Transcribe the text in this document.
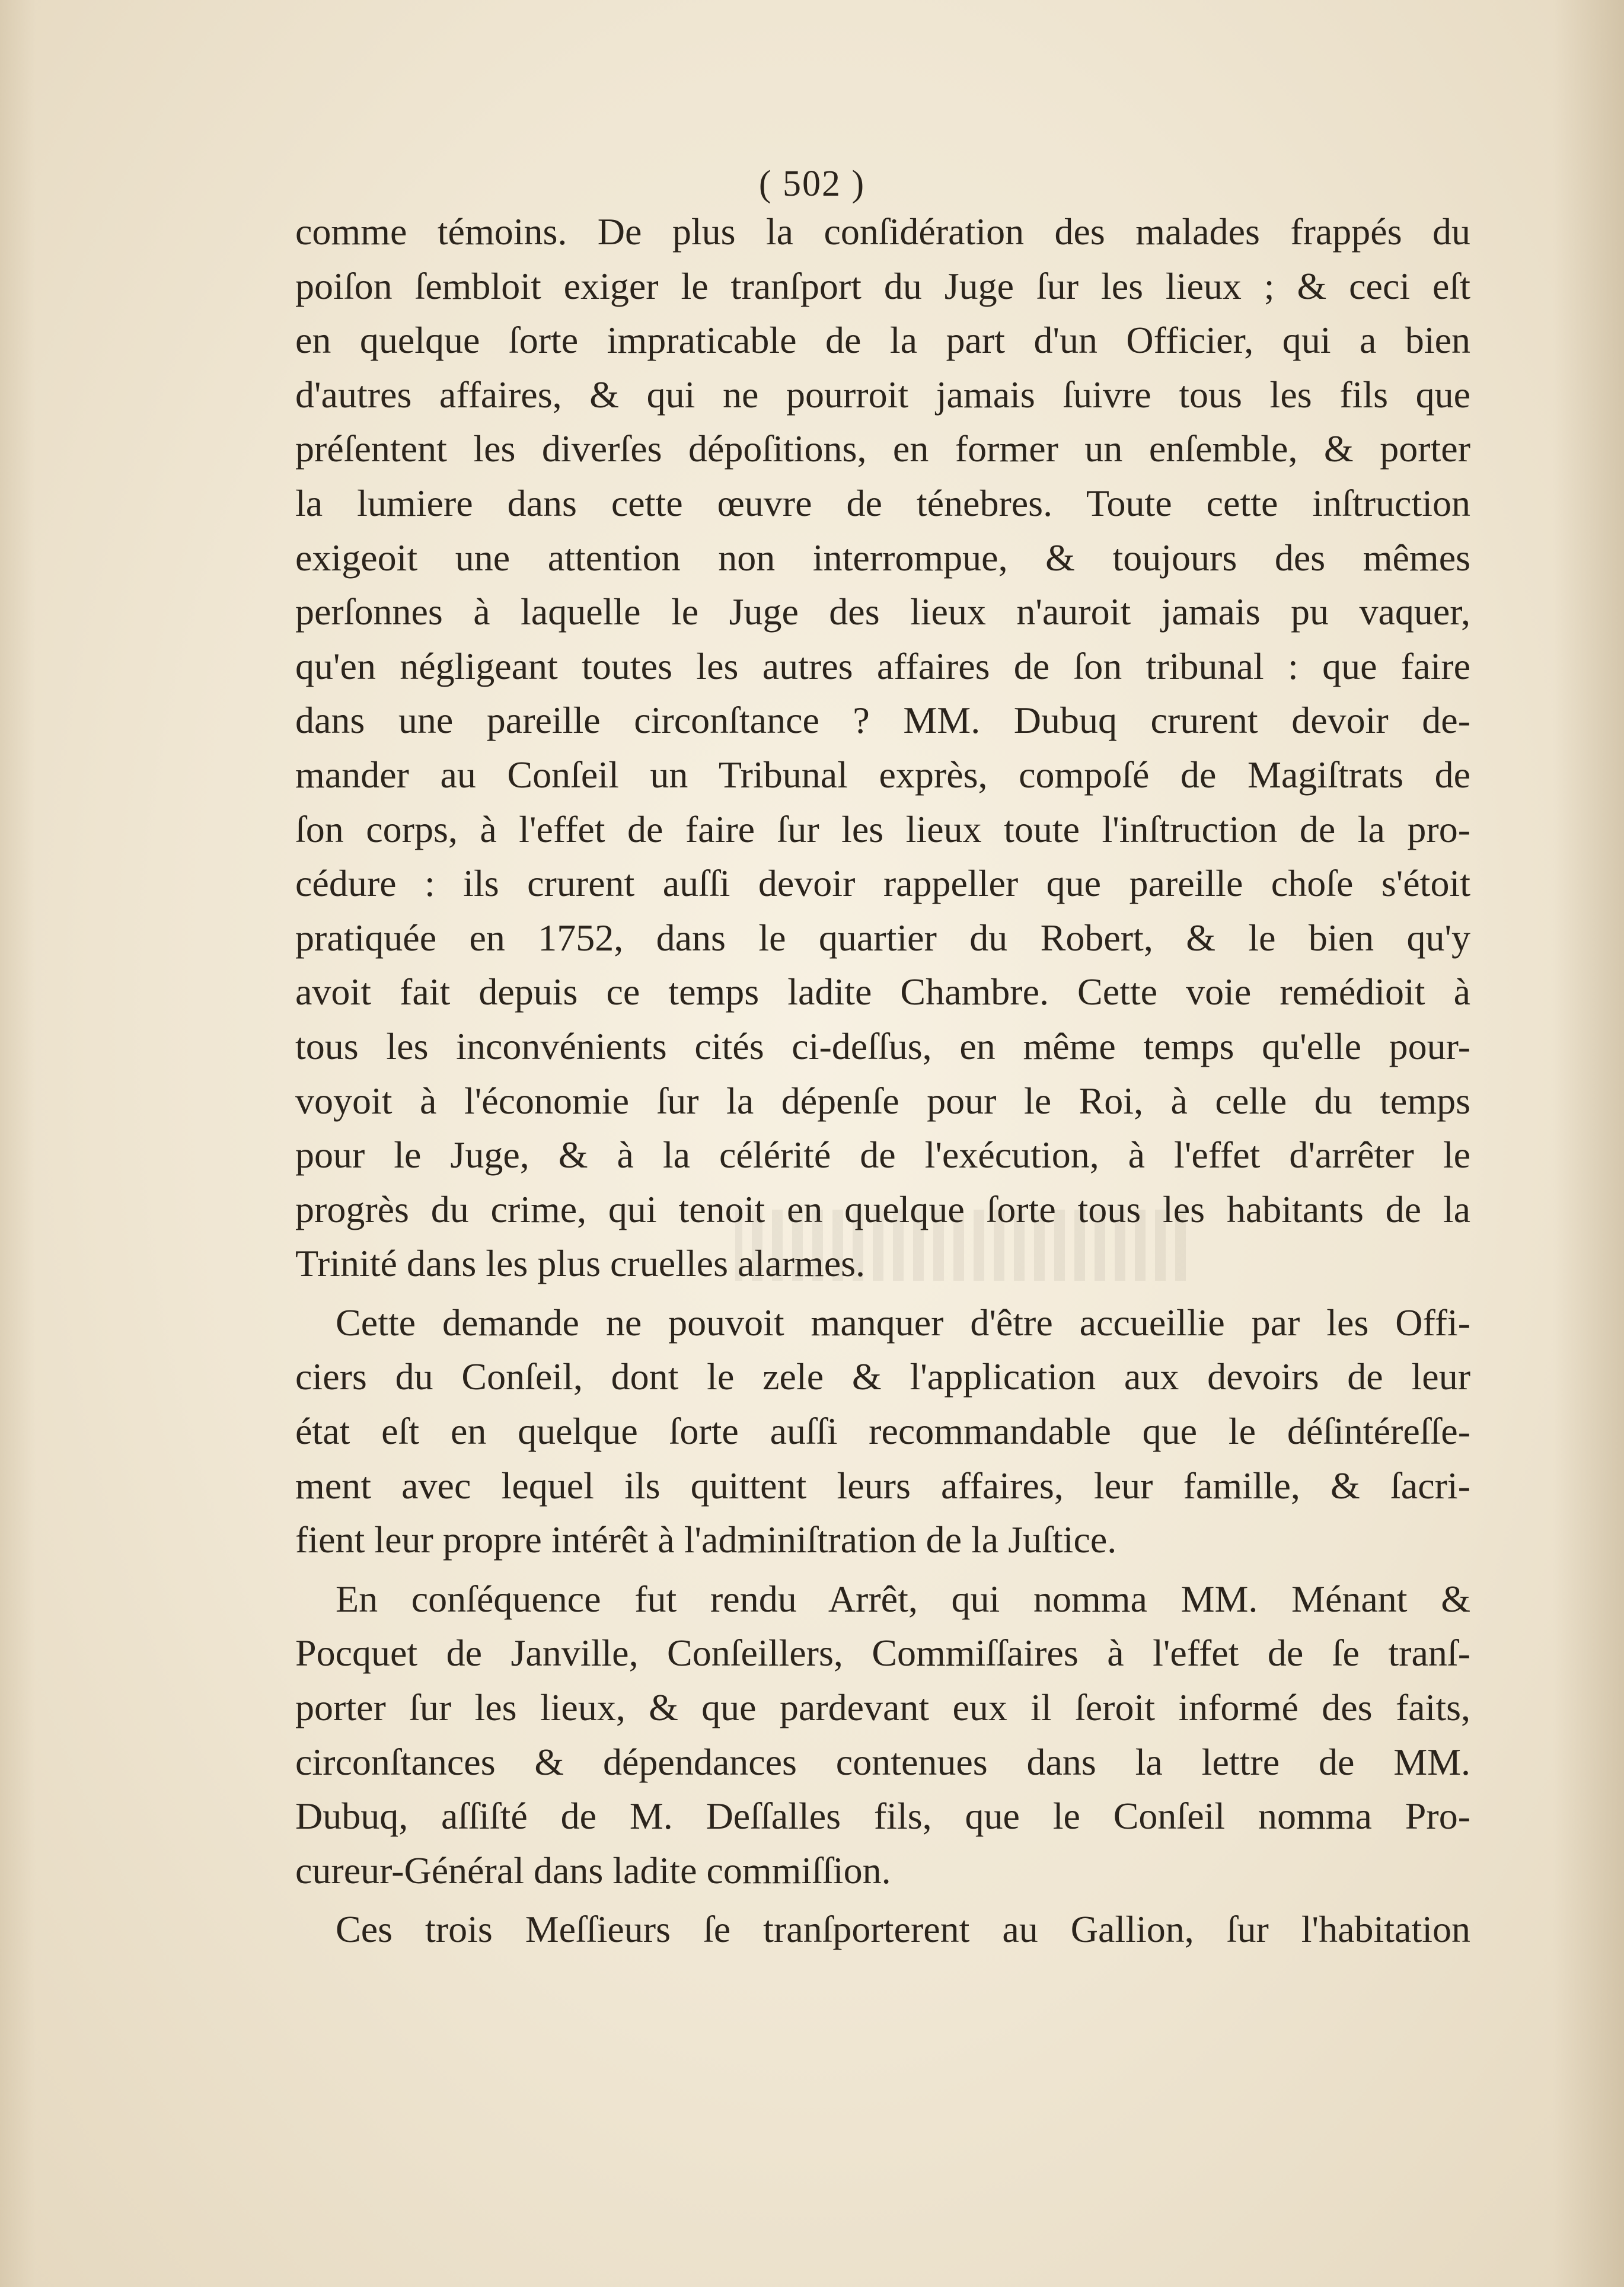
( 502 )
comme témoins. De plus la conſidération des malades frappés du
poiſon ſembloit exiger le tranſport du Juge ſur les lieux ; & ceci eſt
en quelque ſorte impraticable de la part d'un Officier, qui a bien
d'autres affaires, & qui ne pourroit jamais ſuivre tous les fils que
préſentent les diverſes dépoſitions, en former un enſemble, & porter
la lumiere dans cette œuvre de ténebres. Toute cette inſtruction
exigeoit une attention non interrompue, & toujours des mêmes
perſonnes à laquelle le Juge des lieux n'auroit jamais pu vaquer,
qu'en négligeant toutes les autres affaires de ſon tribunal : que faire
dans une pareille circonſtance ? MM. Dubuq crurent devoir de-
mander au Conſeil un Tribunal exprès, compoſé de Magiſtrats de
ſon corps, à l'effet de faire ſur les lieux toute l'inſtruction de la pro-
cédure : ils crurent auſſi devoir rappeller que pareille choſe s'étoit
pratiquée en 1752, dans le quartier du Robert, & le bien qu'y
avoit fait depuis ce temps ladite Chambre. Cette voie remédioit à
tous les inconvénients cités ci-deſſus, en même temps qu'elle pour-
voyoit à l'économie ſur la dépenſe pour le Roi, à celle du temps
pour le Juge, & à la célérité de l'exécution, à l'effet d'arrêter le
progrès du crime, qui tenoit en quelque ſorte tous les habitants de la
Trinité dans les plus cruelles alarmes.
Cette demande ne pouvoit manquer d'être accueillie par les Offi-
ciers du Conſeil, dont le zele & l'application aux devoirs de leur
état eſt en quelque ſorte auſſi recommandable que le déſintéreſſe-
ment avec lequel ils quittent leurs affaires, leur famille, & ſacri-
fient leur propre intérêt à l'adminiſtration de la Juſtice.
En conſéquence fut rendu Arrêt, qui nomma MM. Ménant &
Pocquet de Janville, Conſeillers, Commiſſaires à l'effet de ſe tranſ-
porter ſur les lieux, & que pardevant eux il ſeroit informé des faits,
circonſtances & dépendances contenues dans la lettre de MM.
Dubuq, aſſiſté de M. Deſſalles fils, que le Conſeil nomma Pro-
cureur-Général dans ladite commiſſion.
Ces trois Meſſieurs ſe tranſporterent au Gallion, ſur l'habitation
